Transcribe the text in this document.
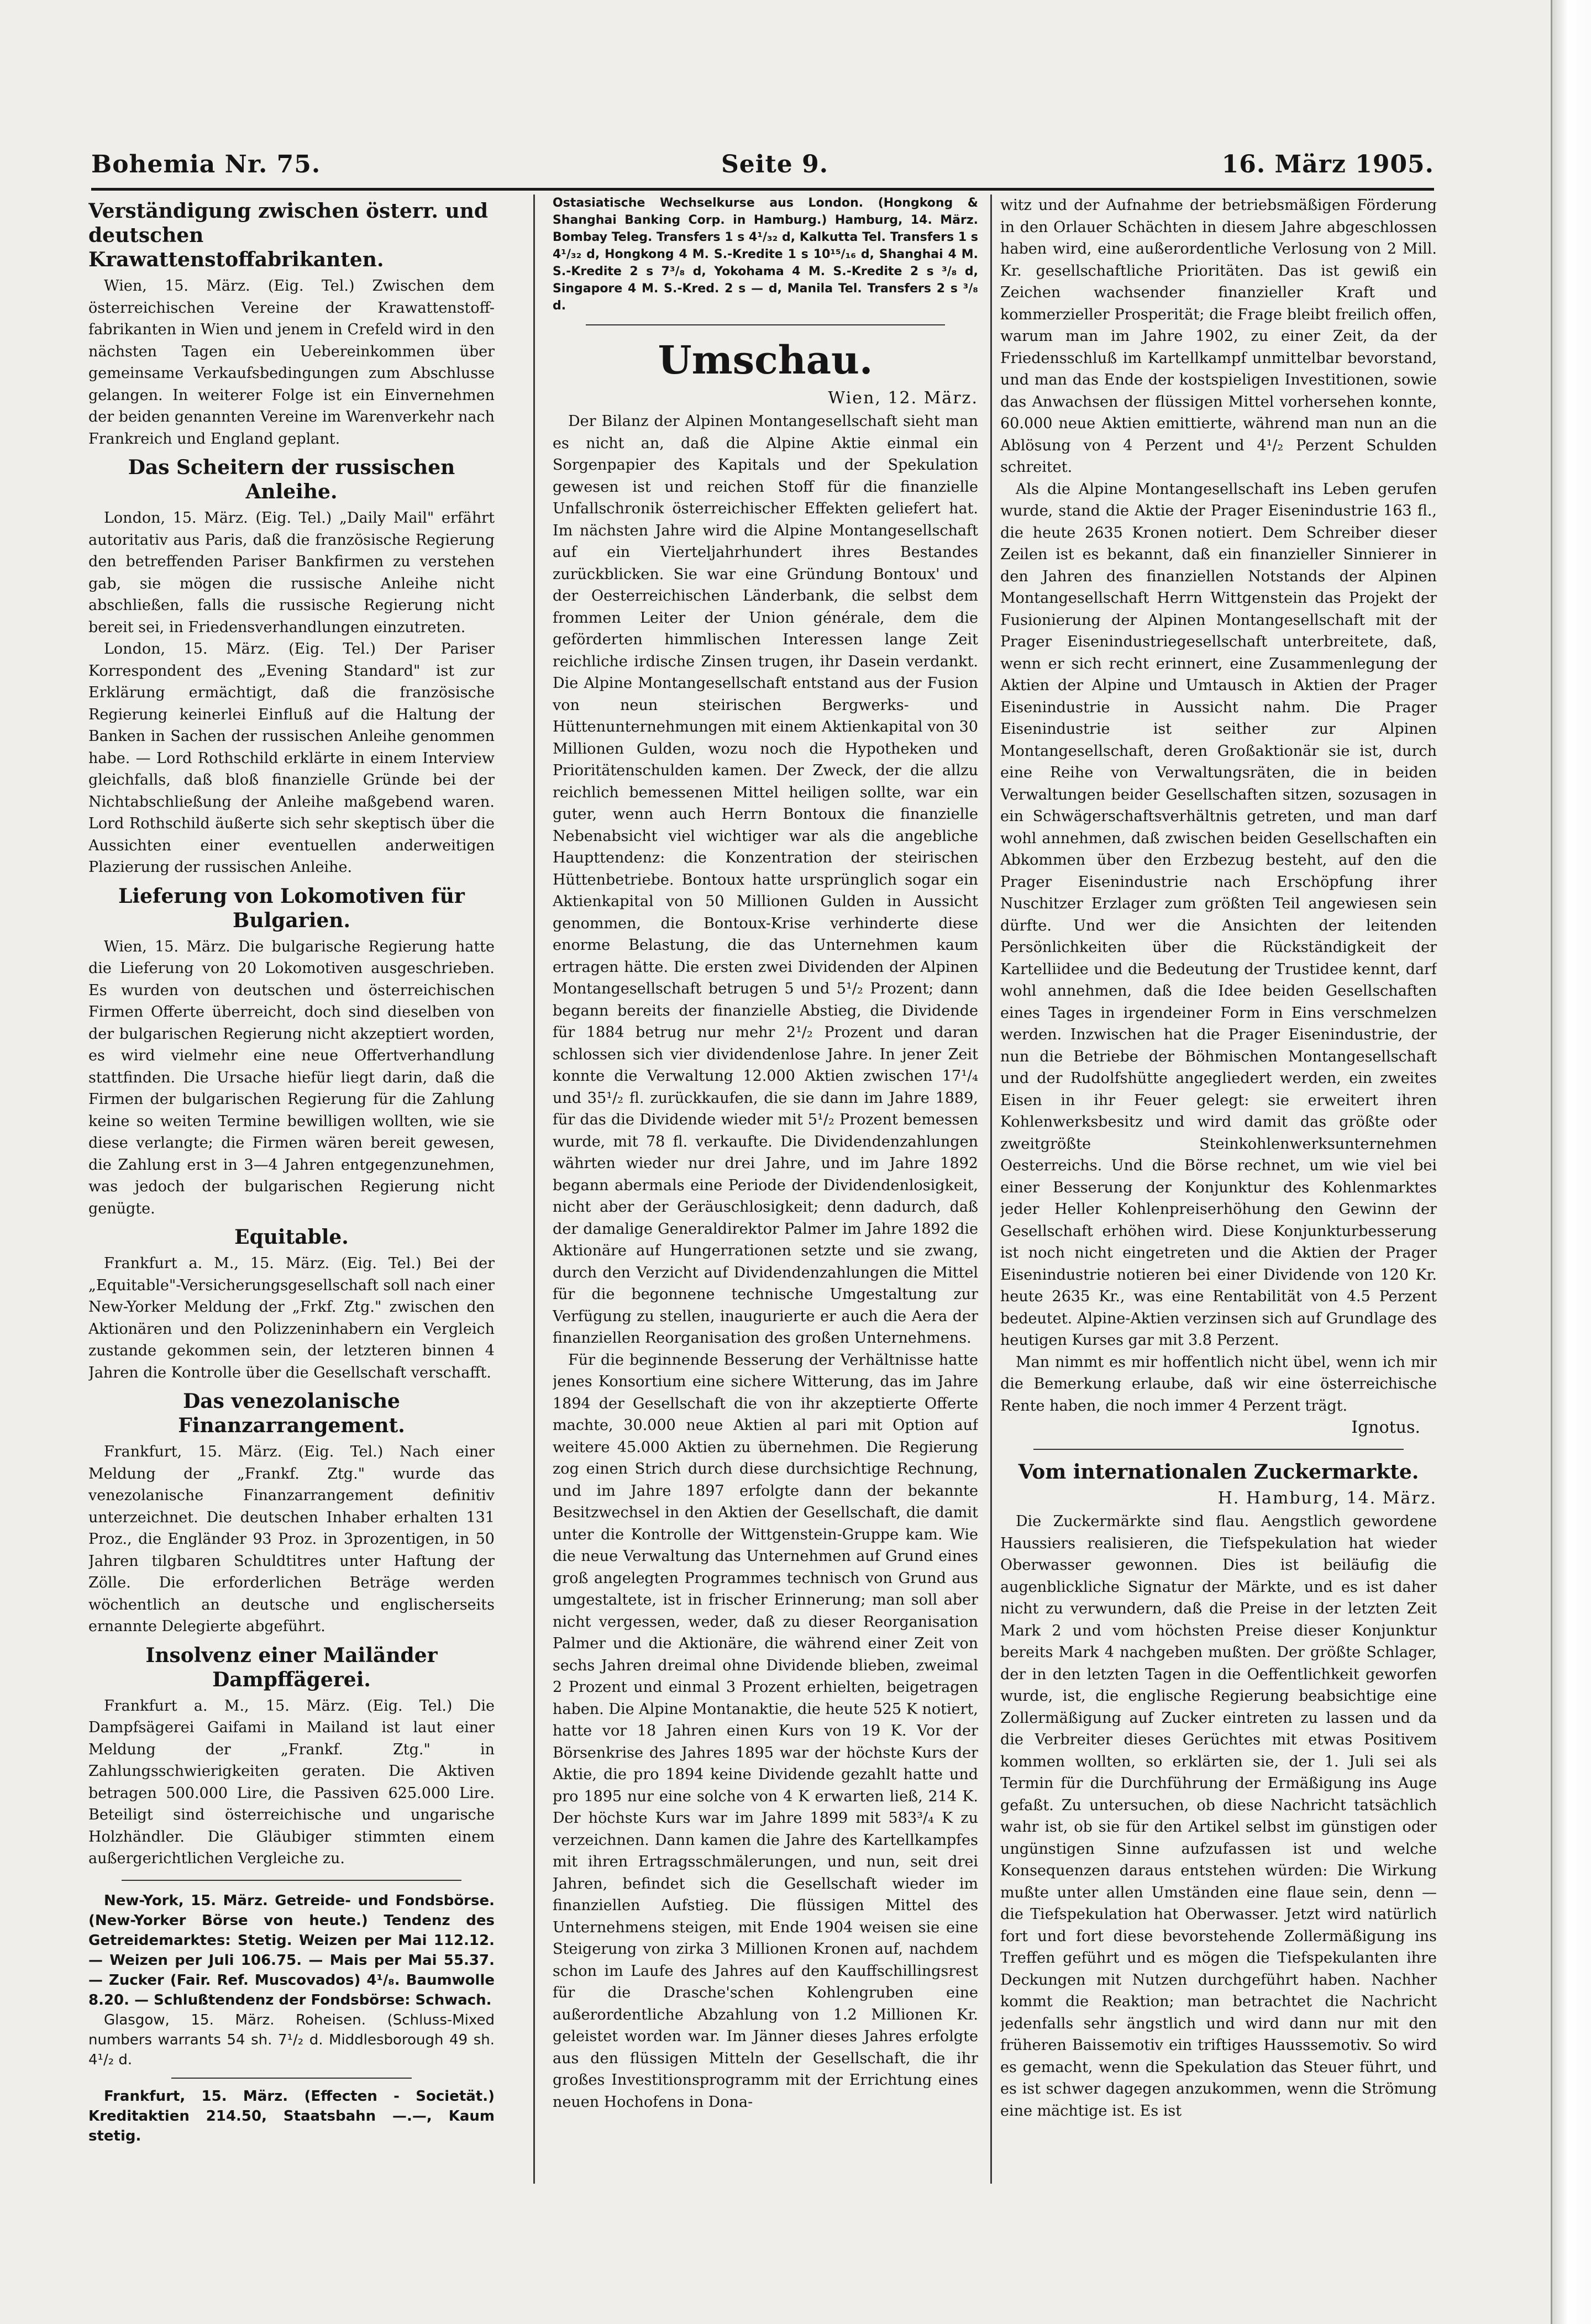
Bohemia Nr. 75.	Seite 9.	16. März 1905.
Verständigung zwischen österr. und deutschen Krawattenstoffabrikanten.

Wien, 15. März. (Eig. Tel.) Zwischen dem österreichischen Vereine der Krawattenstoff-fabrikanten in Wien und jenem in Crefeld wird in den nächsten Tagen ein Uebereinkommen über gemeinsame Verkaufsbedingungen zum Abschlusse gelangen. In weiterer Folge ist ein Einvernehmen der beiden genannten Vereine im Warenverkehr nach Frankreich und England geplant.

Das Scheitern der russischen Anleihe.

London, 15. März. (Eig. Tel.) „Daily Mail" erfährt autoritativ aus Paris, daß die französische Regierung den betreffenden Pariser Bankfirmen zu verstehen gab, sie mögen die russische Anleihe nicht abschließen, falls die russische Regierung nicht bereit sei, in Friedensverhandlungen einzutreten.

London, 15. März. (Eig. Tel.) Der Pariser Korrespondent des „Evening Standard" ist zur Erklärung ermächtigt, daß die französische Regierung keinerlei Einfluß auf die Haltung der Banken in Sachen der russischen Anleihe genommen habe. — Lord Rothschild erklärte in einem Interview gleichfalls, daß bloß finanzielle Gründe bei der Nichtabschließung der Anleihe maßgebend waren. Lord Rothschild äußerte sich sehr skeptisch über die Aussichten einer eventuellen anderweitigen Plazierung der russischen Anleihe.

Lieferung von Lokomotiven für Bulgarien.

Wien, 15. März. Die bulgarische Regierung hatte die Lieferung von 20 Lokomotiven ausgeschrieben. Es wurden von deutschen und österreichischen Firmen Offerte überreicht, doch sind dieselben von der bulgarischen Regierung nicht akzeptiert worden, es wird vielmehr eine neue Offertverhandlung stattfinden. Die Ursache hiefür liegt darin, daß die Firmen der bulgarischen Regierung für die Zahlung keine so weiten Termine bewilligen wollten, wie sie diese verlangte; die Firmen wären bereit gewesen, die Zahlung erst in 3—4 Jahren entgegenzunehmen, was jedoch der bulgarischen Regierung nicht genügte.

Equitable.

Frankfurt a. M., 15. März. (Eig. Tel.) Bei der „Equitable"-Versicherungsgesellschaft soll nach einer New-Yorker Meldung der „Frkf. Ztg." zwischen den Aktionären und den Polizzeninhabern ein Vergleich zustande gekommen sein, der letzteren binnen 4 Jahren die Kontrolle über die Gesellschaft verschafft.

Das venezolanische Finanzarrangement.

Frankfurt, 15. März. (Eig. Tel.) Nach einer Meldung der „Frankf. Ztg." wurde das venezolanische Finanzarrangement definitiv unterzeichnet. Die deutschen Inhaber erhalten 131 Proz., die Engländer 93 Proz. in 3prozentigen, in 50 Jahren tilgbaren Schuldtitres unter Haftung der Zölle. Die erforderlichen Beträge werden wöchentlich an deutsche und englischerseits ernannte Delegierte abgeführt.

Insolvenz einer Mailänder Dampffägerei.

Frankfurt a. M., 15. März. (Eig. Tel.) Die Dampfsägerei Gaifami in Mailand ist laut einer Meldung der „Frankf. Ztg." in Zahlungsschwierigkeiten geraten. Die Aktiven betragen 500.000 Lire, die Passiven 625.000 Lire. Beteiligt sind österreichische und ungarische Holzhändler. Die Gläubiger stimmten einem außergerichtlichen Vergleiche zu.

New-York, 15. März. Getreide- und Fondsbörse. (New-Yorker Börse von heute.) Tendenz des Getreidemarktes: Stetig. Weizen per Mai 112.12. — Weizen per Juli 106.75. — Mais per Mai 55.37. — Zucker (Fair. Ref. Muscovados) 4¹/₈. Baumwolle 8.20. — Schlußtendenz der Fondsbörse: Schwach.

Glasgow, 15. März. Roheisen. (Schluss-Mixed numbers warrants 54 sh. 7¹/₂ d. Middlesborough 49 sh. 4¹/₂ d.

Frankfurt, 15. März. (Effecten - Societät.) Kreditaktien 214.50, Staatsbahn —.—, Kaum stetig.

Ostasiatische Wechselkurse aus London. (Hongkong & Shanghai Banking Corp. in Hamburg.) Hamburg, 14. März. Bombay Teleg. Transfers 1 s 4¹/₃₂ d, Kalkutta Tel. Transfers 1 s 4¹/₃₂ d, Hongkong 4 M. S.-Kredite 1 s 10¹⁵/₁₆ d, Shanghai 4 M. S.-Kredite 2 s 7³/₈ d, Yokohama 4 M. S.-Kredite 2 s ³/₈ d, Singapore 4 M. S.-Kred. 2 s — d, Manila Tel. Transfers 2 s ³/₈ d.

Umschau.
Wien, 12. März.

Der Bilanz der Alpinen Montangesellschaft sieht man es nicht an, daß die Alpine Aktie einmal ein Sorgenpapier des Kapitals und der Spekulation gewesen ist und reichen Stoff für die finanzielle Unfallschronik österreichischer Effekten geliefert hat. Im nächsten Jahre wird die Alpine Montangesellschaft auf ein Vierteljahrhundert ihres Bestandes zurückblicken. Sie war eine Gründung Bontoux' und der Oesterreichischen Länderbank, die selbst dem frommen Leiter der Union générale, dem die geförderten himmlischen Interessen lange Zeit reichliche irdische Zinsen trugen, ihr Dasein verdankt. Die Alpine Montangesellschaft entstand aus der Fusion von neun steirischen Bergwerks- und Hüttenunternehmungen mit einem Aktienkapital von 30 Millionen Gulden, wozu noch die Hypotheken und Prioritätenschulden kamen. Der Zweck, der die allzu reichlich bemessenen Mittel heiligen sollte, war ein guter, wenn auch Herrn Bontoux die finanzielle Nebenabsicht viel wichtiger war als die angebliche Haupttendenz: die Konzentration der steirischen Hüttenbetriebe. Bontoux hatte ursprünglich sogar ein Aktienkapital von 50 Millionen Gulden in Aussicht genommen, die Bontoux-Krise verhinderte diese enorme Belastung, die das Unternehmen kaum ertragen hätte. Die ersten zwei Dividenden der Alpinen Montangesellschaft betrugen 5 und 5¹/₂ Prozent; dann begann bereits der finanzielle Abstieg, die Dividende für 1884 betrug nur mehr 2¹/₂ Prozent und daran schlossen sich vier dividendenlose Jahre. In jener Zeit konnte die Verwaltung 12.000 Aktien zwischen 17¹/₄ und 35¹/₂ fl. zurückkaufen, die sie dann im Jahre 1889, für das die Dividende wieder mit 5¹/₂ Prozent bemessen wurde, mit 78 fl. verkaufte. Die Dividendenzahlungen währten wieder nur drei Jahre, und im Jahre 1892 begann abermals eine Periode der Dividendenlosigkeit, nicht aber der Geräuschlosigkeit; denn dadurch, daß der damalige Generaldirektor Palmer im Jahre 1892 die Aktionäre auf Hungerrationen setzte und sie zwang, durch den Verzicht auf Dividendenzahlungen die Mittel für die begonnene technische Umgestaltung zur Verfügung zu stellen, inaugurierte er auch die Aera der finanziellen Reorganisation des großen Unternehmens.

Für die beginnende Besserung der Verhältnisse hatte jenes Konsortium eine sichere Witterung, das im Jahre 1894 der Gesellschaft die von ihr akzeptierte Offerte machte, 30.000 neue Aktien al pari mit Option auf weitere 45.000 Aktien zu übernehmen. Die Regierung zog einen Strich durch diese durchsichtige Rechnung, und im Jahre 1897 erfolgte dann der bekannte Besitzwechsel in den Aktien der Gesellschaft, die damit unter die Kontrolle der Wittgenstein-Gruppe kam. Wie die neue Verwaltung das Unternehmen auf Grund eines groß angelegten Programmes technisch von Grund aus umgestaltete, ist in frischer Erinnerung; man soll aber nicht vergessen, weder, daß zu dieser Reorganisation Palmer und die Aktionäre, die während einer Zeit von sechs Jahren dreimal ohne Dividende blieben, zweimal 2 Prozent und einmal 3 Prozent erhielten, beigetragen haben. Die Alpine Montanaktie, die heute 525 K notiert, hatte vor 18 Jahren einen Kurs von 19 K. Vor der Börsenkrise des Jahres 1895 war der höchste Kurs der Aktie, die pro 1894 keine Dividende gezahlt hatte und pro 1895 nur eine solche von 4 K erwarten ließ, 214 K. Der höchste Kurs war im Jahre 1899 mit 583³/₄ K zu verzeichnen. Dann kamen die Jahre des Kartellkampfes mit ihren Ertragsschmälerungen, und nun, seit drei Jahren, befindet sich die Gesellschaft wieder im finanziellen Aufstieg. Die flüssigen Mittel des Unternehmens steigen, mit Ende 1904 weisen sie eine Steigerung von zirka 3 Millionen Kronen auf, nachdem schon im Laufe des Jahres auf den Kauffschillingsrest für die Drasche'schen Kohlengruben eine außerordentliche Abzahlung von 1.2 Millionen Kr. geleistet worden war. Im Jänner dieses Jahres erfolgte aus den flüssigen Mitteln der Gesellschaft, die ihr großes Investitionsprogramm mit der Errichtung eines neuen Hochofens in Dona-

witz und der Aufnahme der betriebsmäßigen Förderung in den Orlauer Schächten in diesem Jahre abgeschlossen haben wird, eine außerordentliche Verlosung von 2 Mill. Kr. gesellschaftliche Prioritäten. Das ist gewiß ein Zeichen wachsender finanzieller Kraft und kommerzieller Prosperität; die Frage bleibt freilich offen, warum man im Jahre 1902, zu einer Zeit, da der Friedensschluß im Kartellkampf unmittelbar bevorstand, und man das Ende der kostspieligen Investitionen, sowie das Anwachsen der flüssigen Mittel vorhersehen konnte, 60.000 neue Aktien emittierte, während man nun an die Ablösung von 4 Perzent und 4¹/₂ Perzent Schulden schreitet.

Als die Alpine Montangesellschaft ins Leben gerufen wurde, stand die Aktie der Prager Eisenindustrie 163 fl., die heute 2635 Kronen notiert. Dem Schreiber dieser Zeilen ist es bekannt, daß ein finanzieller Sinnierer in den Jahren des finanziellen Notstands der Alpinen Montangesellschaft Herrn Wittgenstein das Projekt der Fusionierung der Alpinen Montangesellschaft mit der Prager Eisenindustriegesellschaft unterbreitete, daß, wenn er sich recht erinnert, eine Zusammenlegung der Aktien der Alpine und Umtausch in Aktien der Prager Eisenindustrie in Aussicht nahm. Die Prager Eisenindustrie ist seither zur Alpinen Montangesellschaft, deren Großaktionär sie ist, durch eine Reihe von Verwaltungsräten, die in beiden Verwaltungen beider Gesellschaften sitzen, sozusagen in ein Schwägerschaftsverhältnis getreten, und man darf wohl annehmen, daß zwischen beiden Gesellschaften ein Abkommen über den Erzbezug besteht, auf den die Prager Eisenindustrie nach Erschöpfung ihrer Nuschitzer Erzlager zum größten Teil angewiesen sein dürfte. Und wer die Ansichten der leitenden Persönlichkeiten über die Rückständigkeit der Kartelliidee und die Bedeutung der Trustidee kennt, darf wohl annehmen, daß die Idee beiden Gesellschaften eines Tages in irgendeiner Form in Eins verschmelzen werden. Inzwischen hat die Prager Eisenindustrie, der nun die Betriebe der Böhmischen Montangesellschaft und der Rudolfshütte angegliedert werden, ein zweites Eisen in ihr Feuer gelegt: sie erweitert ihren Kohlenwerksbesitz und wird damit das größte oder zweitgrößte Steinkohlenwerksunternehmen Oesterreichs. Und die Börse rechnet, um wie viel bei einer Besserung der Konjunktur des Kohlenmarktes jeder Heller Kohlenpreiserhöhung den Gewinn der Gesellschaft erhöhen wird. Diese Konjunkturbesserung ist noch nicht eingetreten und die Aktien der Prager Eisenindustrie notieren bei einer Dividende von 120 Kr. heute 2635 Kr., was eine Rentabilität von 4.5 Perzent bedeutet. Alpine-Aktien verzinsen sich auf Grundlage des heutigen Kurses gar mit 3.8 Perzent.

Man nimmt es mir hoffentlich nicht übel, wenn ich mir die Bemerkung erlaube, daß wir eine österreichische Rente haben, die noch immer 4 Perzent trägt.

Ignotus.
Vom internationalen Zuckermarkte.
H. Hamburg, 14. März.

Die Zuckermärkte sind flau. Aengstlich gewordene Haussiers realisieren, die Tiefspekulation hat wieder Oberwasser gewonnen. Dies ist beiläufig die augenblickliche Signatur der Märkte, und es ist daher nicht zu verwundern, daß die Preise in der letzten Zeit Mark 2 und vom höchsten Preise dieser Konjunktur bereits Mark 4 nachgeben mußten. Der größte Schlager, der in den letzten Tagen in die Oeffentlichkeit geworfen wurde, ist, die englische Regierung beabsichtige eine Zollermäßigung auf Zucker eintreten zu lassen und da die Verbreiter dieses Gerüchtes mit etwas Positivem kommen wollten, so erklärten sie, der 1. Juli sei als Termin für die Durchführung der Ermäßigung ins Auge gefaßt. Zu untersuchen, ob diese Nachricht tatsächlich wahr ist, ob sie für den Artikel selbst im günstigen oder ungünstigen Sinne aufzufassen ist und welche Konsequenzen daraus entstehen würden: Die Wirkung mußte unter allen Umständen eine flaue sein, denn — die Tiefspekulation hat Oberwasser. Jetzt wird natürlich fort und fort diese bevorstehende Zollermäßigung ins Treffen geführt und es mögen die Tiefspekulanten ihre Deckungen mit Nutzen durchgeführt haben. Nachher kommt die Reaktion; man betrachtet die Nachricht jedenfalls sehr ängstlich und wird dann nur mit den früheren Baissemotiv ein triftiges Hausssemotiv. So wird es gemacht, wenn die Spekulation das Steuer führt, und es ist schwer dagegen anzukommen, wenn die Strömung eine mächtige ist. Es ist
